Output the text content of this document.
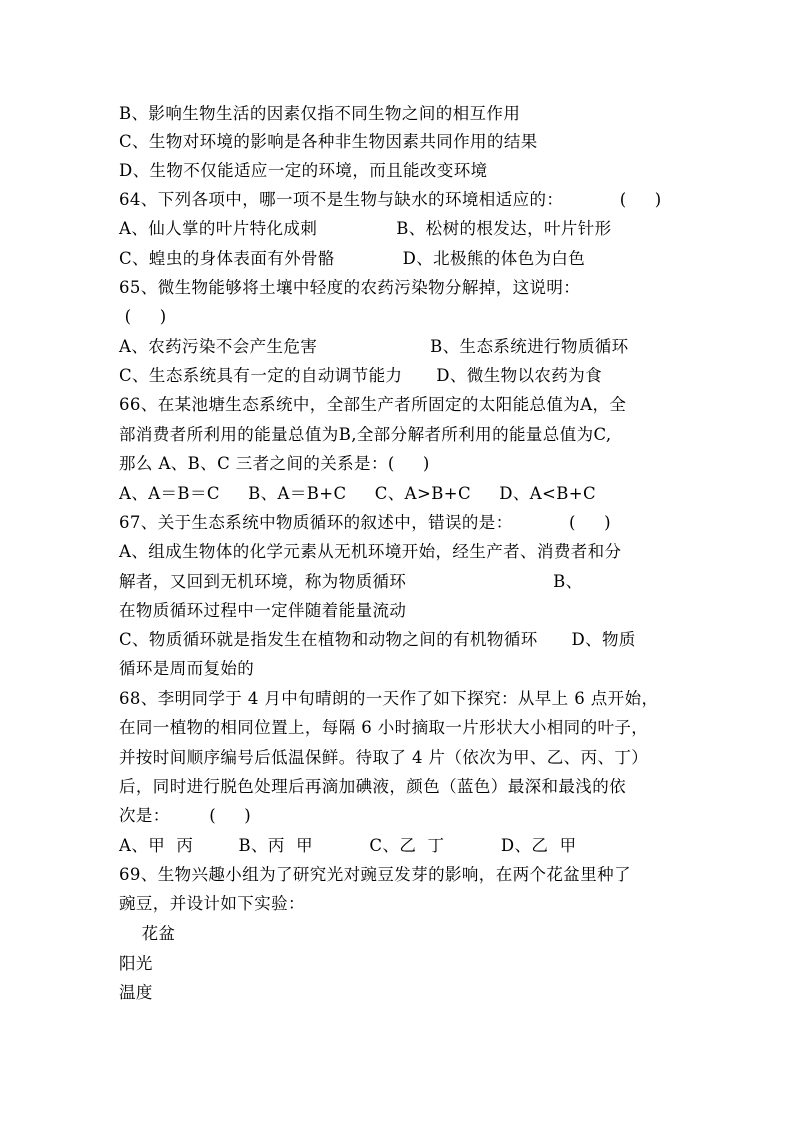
B、影响生物生活的因素仅指不同生物之间的相互作用
C、生物对环境的影响是各种非生物因素共同作用的结果
D、生物不仅能适应一定的环境，而且能改变环境
64、下列各项中，哪一项不是生物与缺水的环境相适应的：          (     )
A、仙人掌的叶片特化成刺              B、松树的根发达，叶片针形
C、蝗虫的身体表面有外骨骼            D、北极熊的体色为白色
65、微生物能够将土壤中轻度的农药污染物分解掉，这说明：
(     )
A、农药污染不会产生危害                    B、生态系统进行物质循环
C、生态系统具有一定的自动调节能力      D、微生物以农药为食
66、在某池塘生态系统中，全部生产者所固定的太阳能总值为A，全
部消费者所利用的能量总值为B,全部分解者所利用的能量总值为C,
那么 A、B、C 三者之间的关系是：(     )
A、A＝B＝C     B、A＝B+C     C、A>B+C     D、A<B+C
67、关于生态系统中物质循环的叙述中，错误的是：          (     )
A、组成生物体的化学元素从无机环境开始，经生产者、消费者和分
解者，又回到无机环境，称为物质循环                          B、
在物质循环过程中一定伴随着能量流动
C、物质循环就是指发生在植物和动物之间的有机物循环      D、物质
循环是周而复始的
68、李明同学于 4 月中旬晴朗的一天作了如下探究：从早上 6 点开始，
在同一植物的相同位置上，每隔 6 小时摘取一片形状大小相同的叶子，
并按时间顺序编号后低温保鲜。待取了 4 片（依次为甲、乙、丙、丁）
后，同时进行脱色处理后再滴加碘液，颜色（蓝色）最深和最浅的依
次是：       (     )
A、甲  丙        B、丙  甲          C、乙  丁          D、乙  甲
69、生物兴趣小组为了研究光对豌豆发芽的影响，在两个花盆里种了
豌豆，并设计如下实验：
花盆
阳光
温度
